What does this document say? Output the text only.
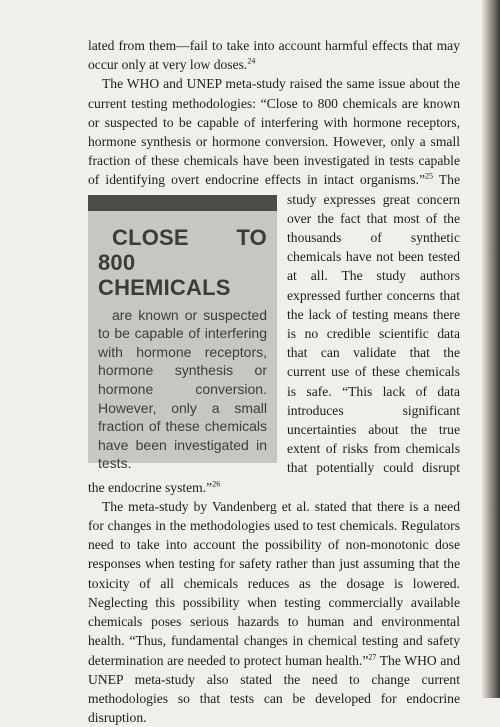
lated from them—fail to take into account harmful effects that may occur only at very low doses.$^{24}$

The WHO and UNEP meta-study raised the same issue about the current testing methodologies: “Close to 800 chemicals are known or suspected to be capable of interfering with hormone receptors, hormone synthesis or hormone conversion. However, only a small fraction of these chemicals have been investigated in tests capable of identifying overt endocrine effects in intact organisms.”$^{25}$
CLOSE TO 800 CHEMICALS
are known or suspected to be capable of interfering with hormone receptors, hormone synthesis or hormone conversion. However, only a small fraction of these chemicals have been investigated in tests.
The study expresses great concern over the fact that most of the thousands of synthetic chemicals have not been tested at all. The study authors expressed further concerns that the lack of testing means there is no credible scientific data that can validate that the current use of these chemicals is safe. “This lack of data introduces significant uncertainties about the true extent of risks from chemicals that potentially could disrupt the endocrine system.”$^{26}$

The meta-study by Vandenberg et al. stated that there is a need for changes in the methodologies used to test chemicals. Regulators need to take into account the possibility of non-monotonic dose responses when testing for safety rather than just assuming that the toxicity of all chemicals reduces as the dosage is lowered. Neglecting this possibility when testing commercially available chemicals poses serious hazards to human and environmental health. “Thus, fundamental changes in chemical testing and safety determination are needed to protect human health.”$^{27}$ The WHO and UNEP meta-study also stated the need to change current methodologies so that tests can be developed for endocrine disruption.
